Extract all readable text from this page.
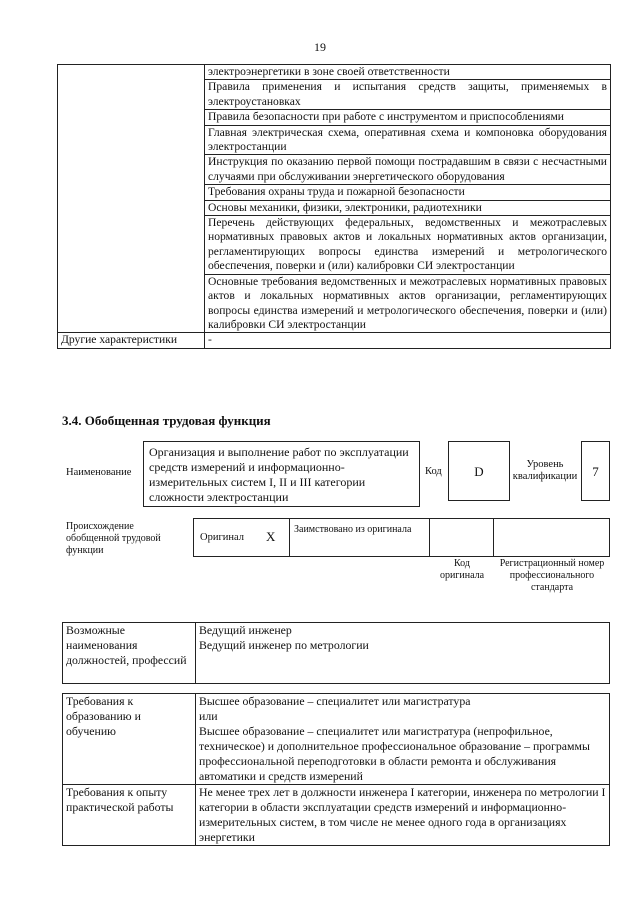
19
	электроэнергетики в зоне своей ответственности
	Правила применения и испытания средств защиты, применяемых в электроустановках
	Правила безопасности при работе с инструментом и приспособлениями
	Главная электрическая схема, оперативная схема и компоновка оборудования электростанции
	Инструкция по оказанию первой помощи пострадавшим в связи с несчастными случаями при обслуживании энергетического оборудования
	Требования охраны труда и пожарной безопасности
	Основы механики, физики, электроники, радиотехники
	Перечень действующих федеральных, ведомственных и межотраслевых нормативных правовых актов и локальных нормативных актов организации, регламентирующих вопросы единства измерений и метрологического обеспечения, поверки и (или) калибровки СИ электростанции
	Основные требования ведомственных и межотраслевых нормативных правовых актов и локальных нормативных актов организации, регламентирующих вопросы единства измерений и метрологического обеспечения, поверки и (или) калибровки СИ электростанции
Другие характеристики	-
3.4. Обобщенная трудовая функция
Наименование
Организация и выполнение работ по эксплуатации средств измерений и информационно-измерительных систем I, II и III категории сложности электростанции
Код	D	Уровень квалификации	7
Происхождение обобщенной трудовой функции
Оригинал X Заимствовано из оригинала
Код оригинала
Регистрационный номер профессионального стандарта
Возможные наименования должностей, профессий	
Ведущий инженер
Ведущий инженер по метрологии
Требования к образованию и обучению	Высшее образование – специалитет или магистратура
или
Высшее образование – специалитет или магистратура (непрофильное, техническое) и дополнительное профессиональное образование – программы профессиональной переподготовки в области ремонта и обслуживания автоматики и средств измерений

Требования к опыту практической работы	Не менее трех лет в должности инженера I категории, инженера по метрологии I категории в области эксплуатации средств измерений и информационно-измерительных систем, в том числе не менее одного года в организациях энергетики
